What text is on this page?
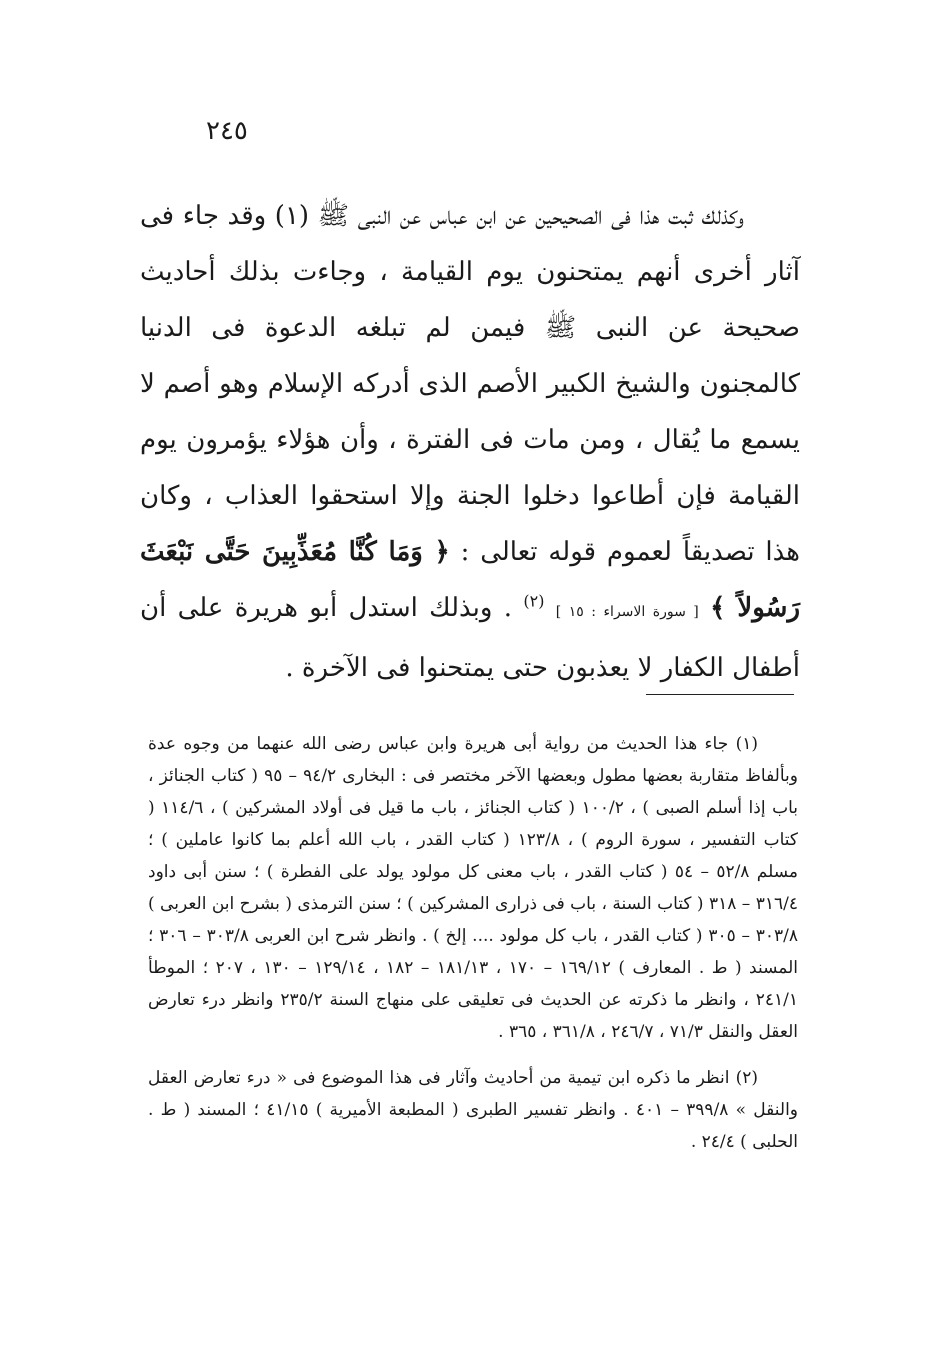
٢٤٥

وكذلك ثبت هذا فى الصحيحين عن ابن عباس عن النبى ﷺ (١) وقد جاء فى آثار أخرى أنهم يمتحنون يوم القيامة ، وجاءت بذلك أحاديث صحيحة عن النبى ﷺ فيمن لم تبلغه الدعوة فى الدنيا كالمجنون والشيخ الكبير الأصم الذى أدركه الإسلام وهو أصم لا يسمع ما يُقال ، ومن مات فى الفترة ، وأن هؤلاء يؤمرون يوم القيامة فإن أطاعوا دخلوا الجنة وإلا استحقوا العذاب ، وكان هذا تصديقاً لعموم قوله تعالى : ﴿ وَمَا كُنَّا مُعَذِّبِينَ حَتَّى نَبْعَثَ رَسُولاً ﴾ [ سورة الاسراء : ١٥ ] $^{(٢)}$ . وبذلك استدل أبو هريرة على أن أطفال الكفار لا يعذبون حتى يمتحنوا فى الآخرة .

(١) جاء هذا الحديث من رواية أبى هريرة وابن عباس رضى الله عنهما من وجوه عدة وبألفاظ متقاربة بعضها مطول وبعضها الآخر مختصر فى : البخارى ٩٤/٢ – ٩٥ ( كتاب الجنائز ، باب إذا أسلم الصبى ) ، ١٠٠/٢ ( كتاب الجنائز ، باب ما قيل فى أولاد المشركين ) ، ١١٤/٦ ( كتاب التفسير ، سورة الروم ) ، ١٢٣/٨ ( كتاب القدر ، باب الله أعلم بما كانوا عاملين ) ؛ مسلم ٥٢/٨ – ٥٤ ( كتاب القدر ، باب معنى كل مولود يولد على الفطرة ) ؛ سنن أبى داود ٣١٦/٤ – ٣١٨ ( كتاب السنة ، باب فى ذرارى المشركين ) ؛ سنن الترمذى ( بشرح ابن العربى ) ٣٠٣/٨ – ٣٠٥ ( كتاب القدر ، باب كل مولود .... إلخ ) . وانظر شرح ابن العربى ٣٠٣/٨ – ٣٠٦ ؛ المسند ( ط . المعارف ) ١٦٩/١٢ – ١٧٠ ، ١٨١/١٣ – ١٨٢ ، ١٢٩/١٤ – ١٣٠ ، ٢٠٧ ؛ الموطأ ٢٤١/١ ، وانظر ما ذكرته عن الحديث فى تعليقى على منهاج السنة ٢٣٥/٢ وانظر درء تعارض العقل والنقل ٧١/٣ ، ٢٤٦/٧ ، ٣٦١/٨ ، ٣٦٥ .

(٢) انظر ما ذكره ابن تيمية من أحاديث وآثار فى هذا الموضوع فى « درء تعارض العقل والنقل » ٣٩٩/٨ – ٤٠١ . وانظر تفسير الطبرى ( المطبعة الأميرية ) ٤١/١٥ ؛ المسند ( ط . الحلبى ) ٢٤/٤ .
